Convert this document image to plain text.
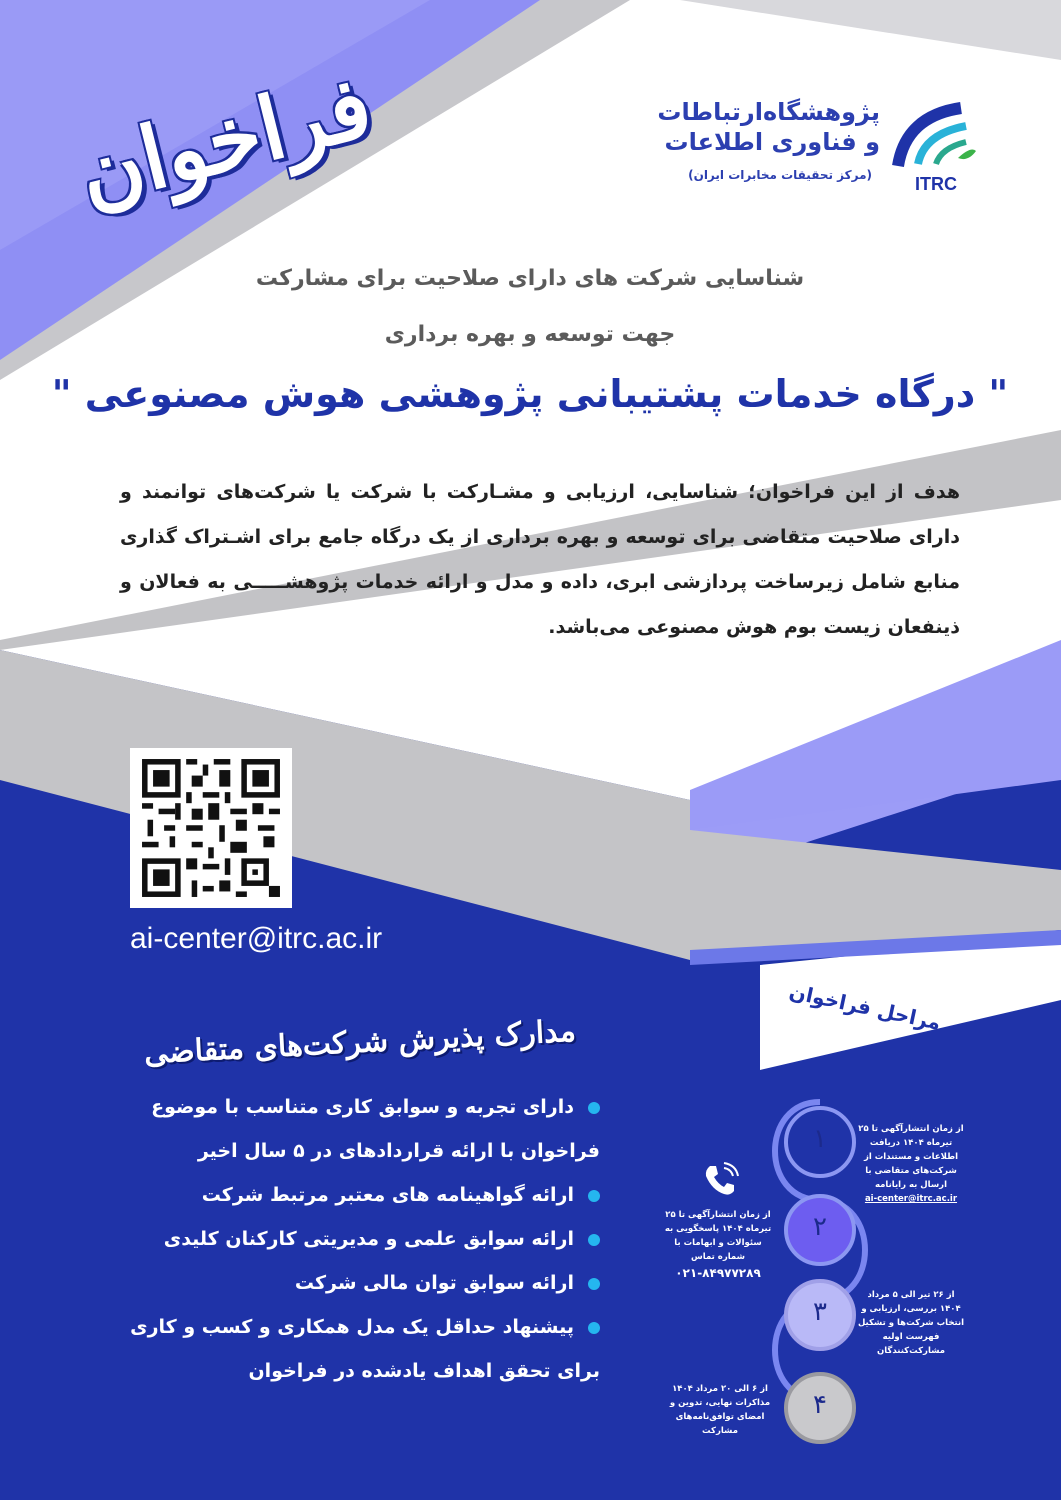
پژوهشگاه‌ارتباطات
و فناوری اطلاعات
(مرکز تحقیقات مخابرات ایران) ITRC
فراخوان
شناسایی شرکت های دارای صلاحیت برای مشارکت
جهت توسعه و بهره برداری
" درگاه خدمات پشتیبانی پژوهشی هوش مصنوعی "
هدف از این فراخوان؛ شناسایی، ارزیابی و مشـارکت با شرکت یا شرکت‌های توانمند و دارای صلاحیت متقاضی برای توسعه و بهره برداری از یک درگاه جامع برای اشـتراک گذاری منابع شامل زیرساخت پردازشی ابری، داده و مدل و ارائه خدمات پژوهشـــــی به فعالان و ذینفعان زیست بوم هوش مصنوعی می‌باشد.
ai-center@itrc.ac.ir
مدارک پذیرش شرکت‌های متقاضی
دارای تجربه و سوابق کاری متناسب با موضوع فراخوان با ارائه قراردادهای در ۵ سال اخیر
ارائه گواهینامه های معتبر مرتبط شرکت
ارائه سوابق علمی و مدیریتی کارکنان کلیدی
ارائه سوابق توان مالی شرکت
پیشنهاد حداقل یک مدل همکاری و کسب و کاری برای تحقق اهداف یادشده در فراخوان
مراحل فراخوان
۱
۲
۳
۴
از زمان انتشارآگهی تا ۲۵ تیرماه ۱۴۰۴ دریافت اطلاعات و مستندات از شرکت‌های متقاضی با ارسال به رایانامه
ai-center@itrc.ac.ir
از زمان انتشارآگهی تا ۲۵ تیرماه ۱۴۰۴ پاسخگویی به سئوالات و ابهامات با شماره تماس
۰۲۱-۸۴۹۷۷۲۸۹
از ۲۶ تیر الی ۵ مرداد ۱۴۰۴ بررسی، ارزیابی و انتخاب شرکت‌ها و تشکیل فهرست اولیه مشارکت‌کنندگان
از ۶ الی ۲۰ مرداد ۱۴۰۴ مذاکرات نهایی، تدوین و امضای توافق‌نامه‌های مشارکت
